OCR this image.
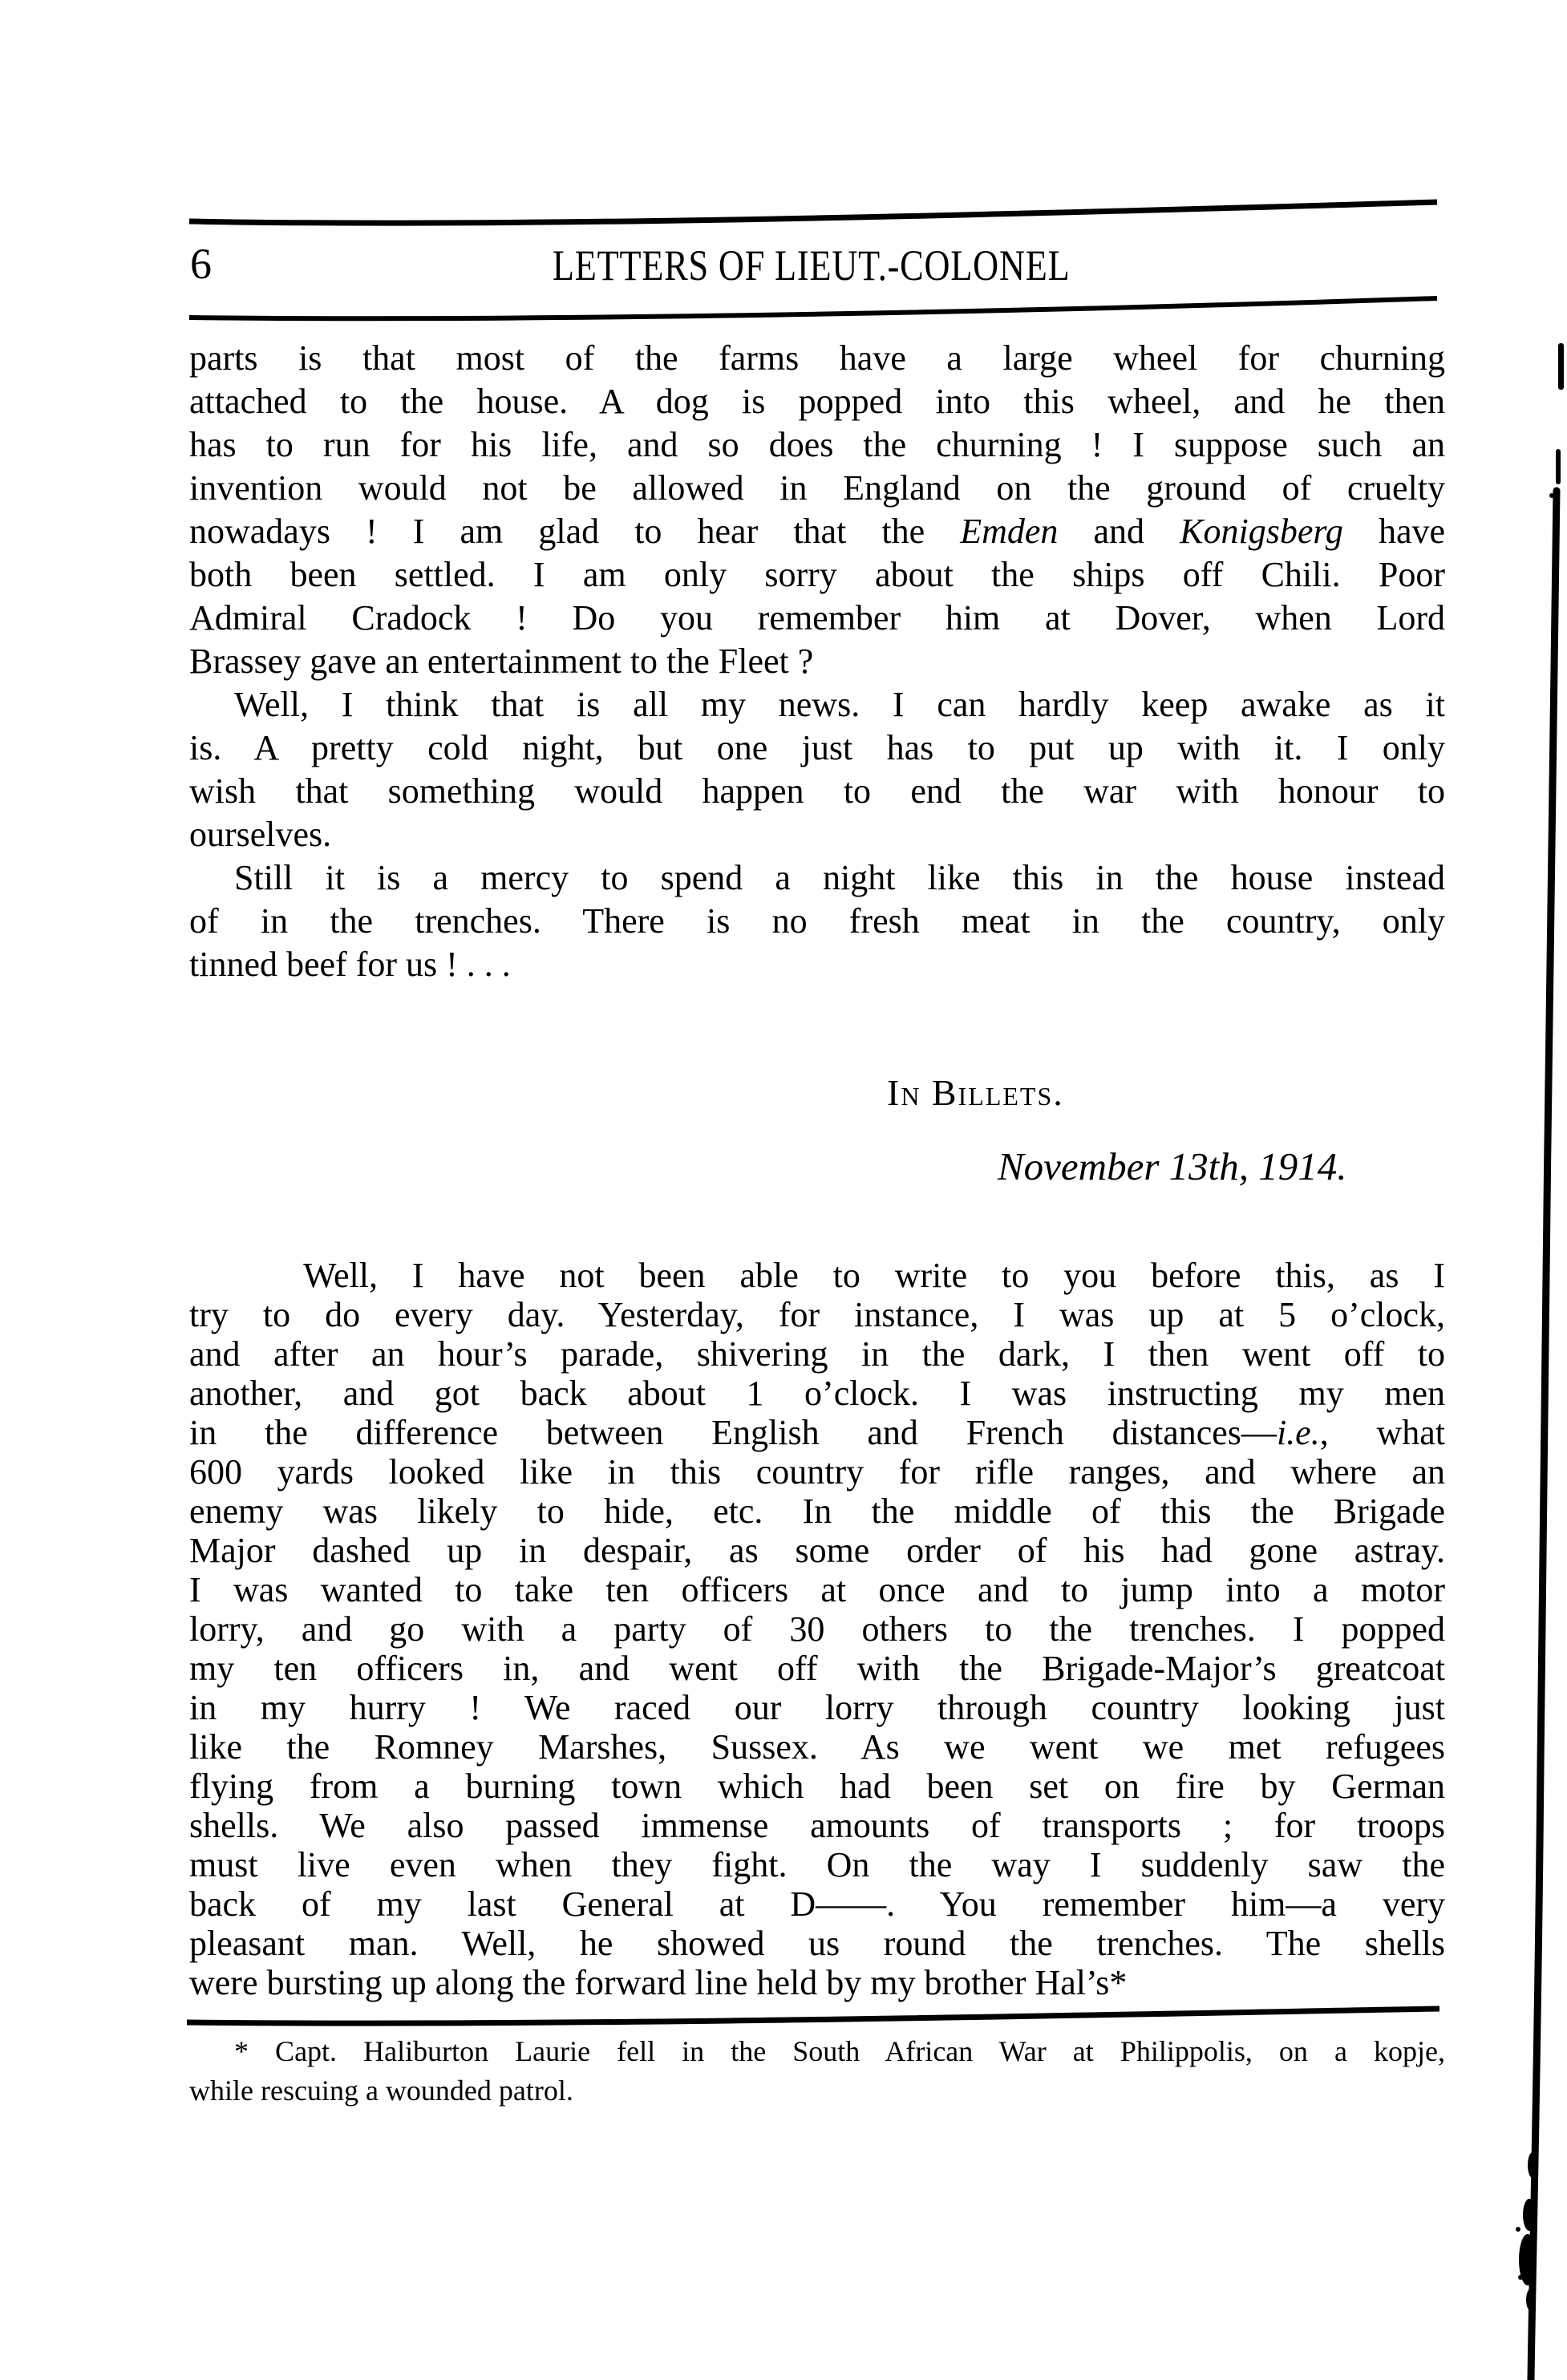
6	LETTERS OF LIEUT.-COLONEL

parts is that most of the farms have a large wheel for churning

attached to the house. A dog is popped into this wheel, and he then

has to run for his life, and so does the churning ! I suppose such an

invention would not be allowed in England on the ground of cruelty

nowadays ! I am glad to hear that the Emden and Konigsberg have

both been settled. I am only sorry about the ships off Chili. Poor

Admiral Cradock ! Do you remember him at Dover, when Lord

Brassey gave an entertainment to the Fleet ?

Well, I think that is all my news. I can hardly keep awake as it

is. A pretty cold night, but one just has to put up with it. I only

wish that something would happen to end the war with honour to

ourselves.

Still it is a mercy to spend a night like this in the house instead

of in the trenches. There is no fresh meat in the country, only

tinned beef for us ! . . .

In Billets.
November 13th, 1914.

Well, I have not been able to write to you before this, as I

try to do every day. Yesterday, for instance, I was up at 5 o’clock,

and after an hour’s parade, shivering in the dark, I then went off to

another, and got back about 1 o’clock. I was instructing my men

in the difference between English and French distances—i.e., what

600 yards looked like in this country for rifle ranges, and where an

enemy was likely to hide, etc. In the middle of this the Brigade

Major dashed up in despair, as some order of his had gone astray.

I was wanted to take ten officers at once and to jump into a motor

lorry, and go with a party of 30 others to the trenches. I popped

my ten officers in, and went off with the Brigade-Major’s greatcoat

in my hurry ! We raced our lorry through country looking just

like the Romney Marshes, Sussex. As we went we met refugees

flying from a burning town which had been set on fire by German

shells. We also passed immense amounts of transports ; for troops

must live even when they fight. On the way I suddenly saw the

back of my last General at D——. You remember him—a very

pleasant man. Well, he showed us round the trenches. The shells

were bursting up along the forward line held by my brother Hal’s*

* Capt. Haliburton Laurie fell in the South African War at Philippolis, on a kopje,

while rescuing a wounded patrol.
